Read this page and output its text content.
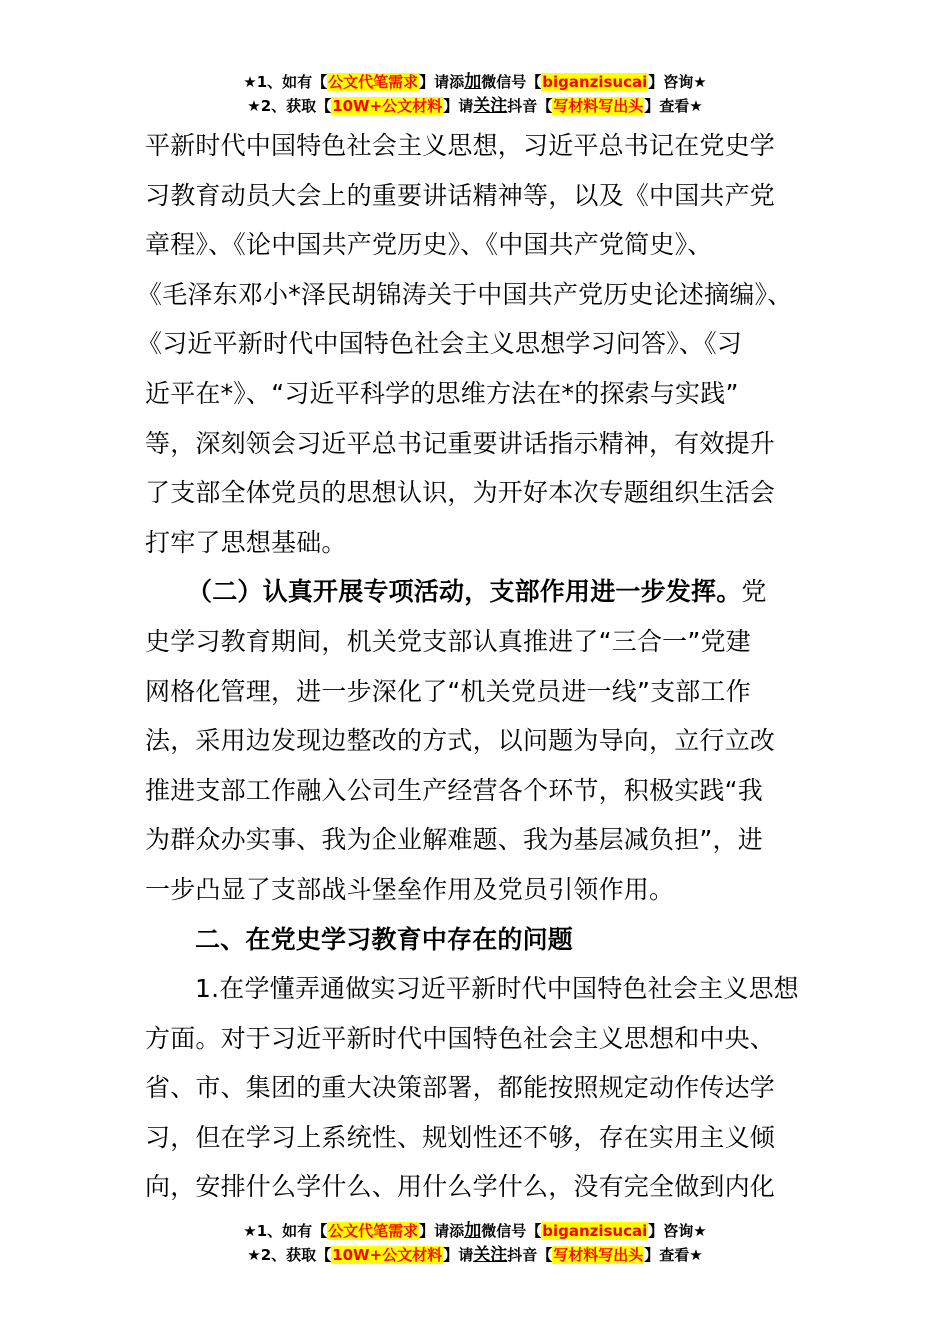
★1、如有【公文代笔需求】请添加微信号【biganzisucai】咨询★
★2、获取【10W+公文材料】请关注抖音【写材料写出头】查看★
平新时代中国特色社会主义思想，习近平总书记在党史学
习教育动员大会上的重要讲话精神等，以及《中国共产党
章程》、《论中国共产党历史》、《中国共产党简史》、
《毛泽东邓小*泽民胡锦涛关于中国共产党历史论述摘编》、
《习近平新时代中国特色社会主义思想学习问答》、《习
近平在*》、“习近平科学的思维方法在*的探索与实践”
等，深刻领会习近平总书记重要讲话指示精神，有效提升
了支部全体党员的思想认识，为开好本次专题组织生活会
打牢了思想基础。
（二）认真开展专项活动，支部作用进一步发挥。党
史学习教育期间，机关党支部认真推进了“三合一”党建
网格化管理，进一步深化了“机关党员进一线”支部工作
法，采用边发现边整改的方式，以问题为导向，立行立改
推进支部工作融入公司生产经营各个环节，积极实践“我
为群众办实事、我为企业解难题、我为基层减负担”，进
一步凸显了支部战斗堡垒作用及党员引领作用。
二、在党史学习教育中存在的问题
1.在学懂弄通做实习近平新时代中国特色社会主义思想
方面。对于习近平新时代中国特色社会主义思想和中央、
省、市、集团的重大决策部署，都能按照规定动作传达学
习，但在学习上系统性、规划性还不够，存在实用主义倾
向，安排什么学什么、用什么学什么，没有完全做到内化
★1、如有【公文代笔需求】请添加微信号【biganzisucai】咨询★
★2、获取【10W+公文材料】请关注抖音【写材料写出头】查看★
